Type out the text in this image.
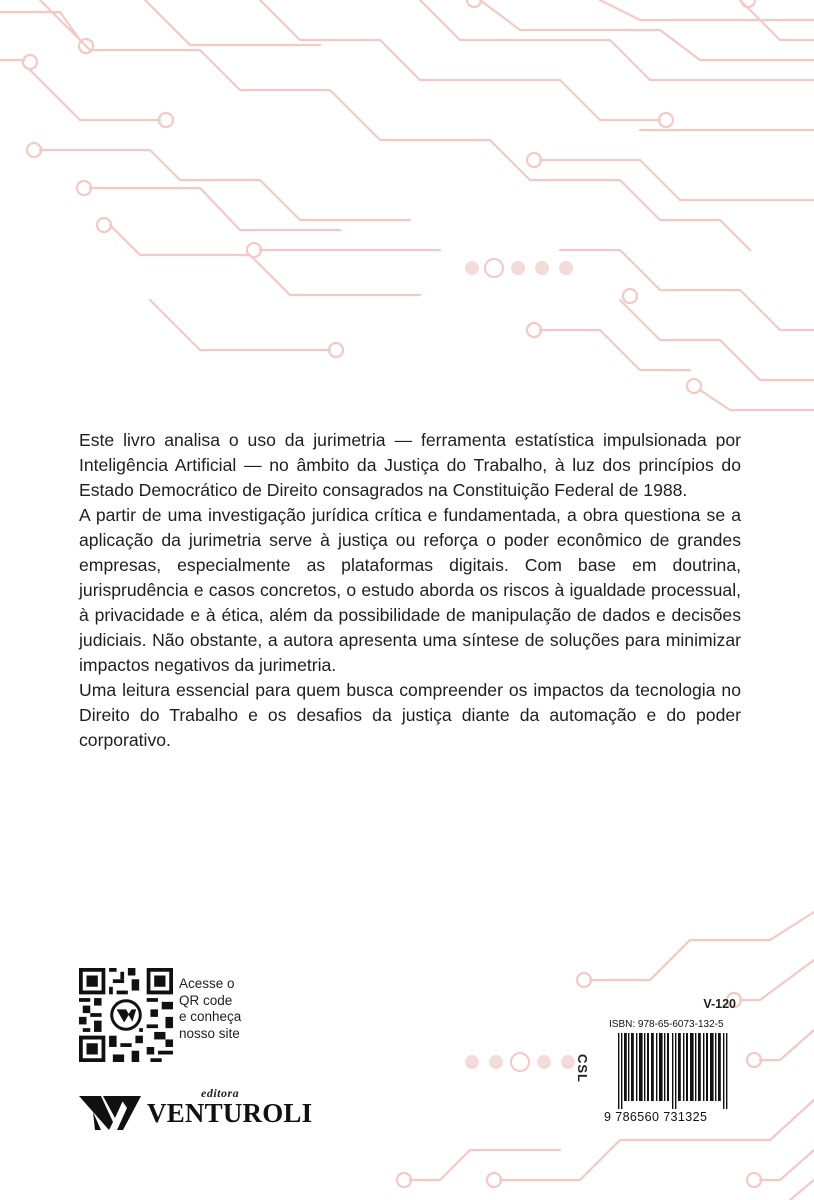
Este livro analisa o uso da jurimetria — ferramenta estatística impulsionada por Inteligência Artificial — no âmbito da Justiça do Trabalho, à luz dos princípios do Estado Democrático de Direito consagrados na Constituição Federal de 1988.

A partir de uma investigação jurídica crítica e fundamentada, a obra questiona se a aplicação da jurimetria serve à justiça ou reforça o poder econômico de grandes empresas, especialmente as plataformas digitais. Com base em doutrina, jurisprudência e casos concretos, o estudo aborda os riscos à igualdade processual, à privacidade e à ética, além da possibilidade de manipulação de dados e decisões judiciais. Não obstante, a autora apresenta uma síntese de soluções para minimizar impactos negativos da jurimetria.

Uma leitura essencial para quem busca compreender os impactos da tecnologia no Direito do Trabalho e os desafios da justiça diante da automação e do poder corporativo.

Acesse o
QR code
e conheça
nosso site
editora
VENTUROLI
V-120
ISBN: 978-65-6073-132-5
CSL
9 786560 731325
